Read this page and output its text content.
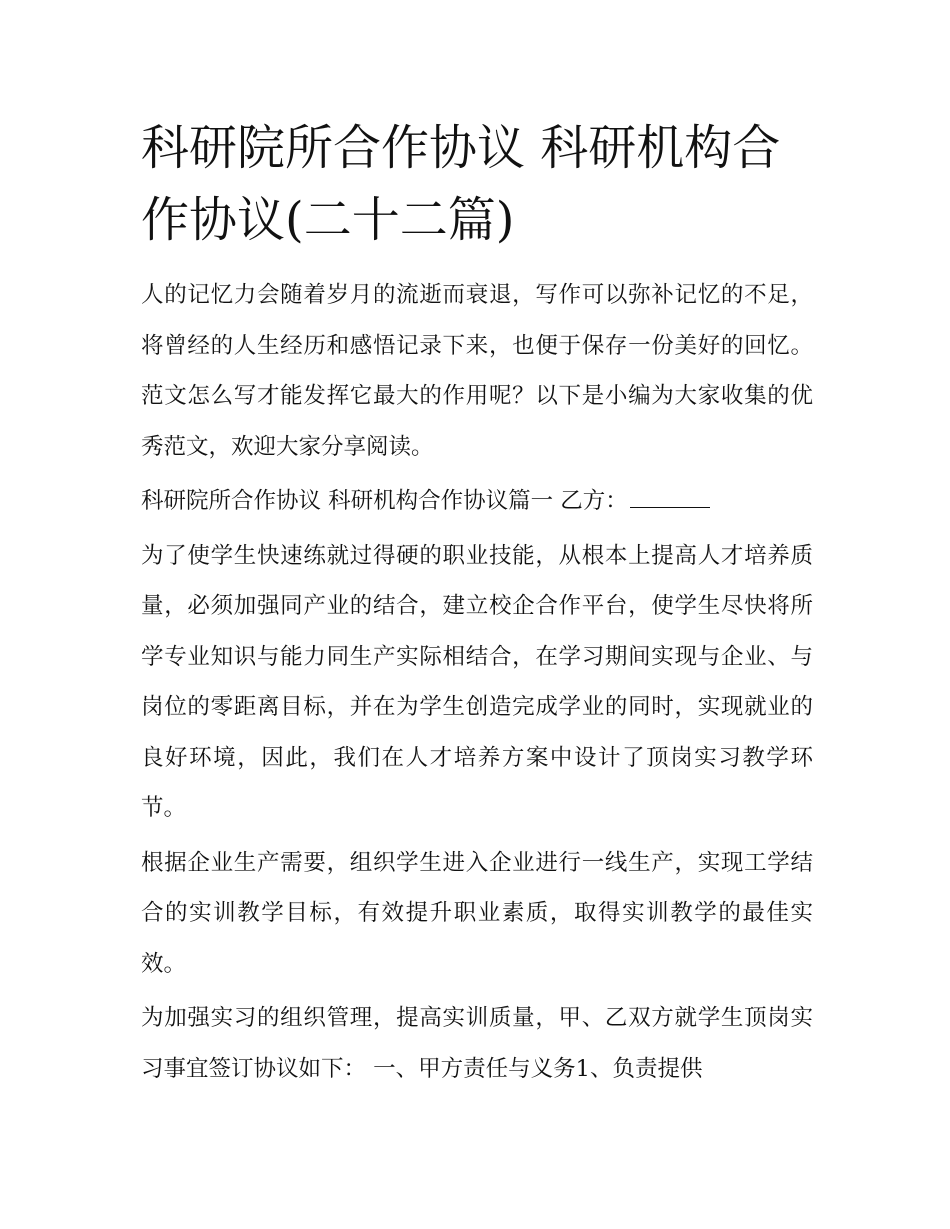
科研院所合作协议 科研机构合作协议(二十二篇)

人的记忆力会随着岁月的流逝而衰退，写作可以弥补记忆的不足，将曾经的人生经历和感悟记录下来，也便于保存一份美好的回忆。范文怎么写才能发挥它最大的作用呢？以下是小编为大家收集的优秀范文，欢迎大家分享阅读。

科研院所合作协议 科研机构合作协议篇一 乙方：

为了使学生快速练就过得硬的职业技能，从根本上提高人才培养质量，必须加强同产业的结合，建立校企合作平台，使学生尽快将所学专业知识与能力同生产实际相结合，在学习期间实现与企业、与岗位的零距离目标，并在为学生创造完成学业的同时，实现就业的良好环境，因此，我们在人才培养方案中设计了顶岗实习教学环节。

根据企业生产需要，组织学生进入企业进行一线生产，实现工学结合的实训教学目标，有效提升职业素质，取得实训教学的最佳实效。

为加强实习的组织管理，提高实训质量，甲、乙双方就学生顶岗实习事宜签订协议如下： 一、甲方责任与义务1、负责提供
